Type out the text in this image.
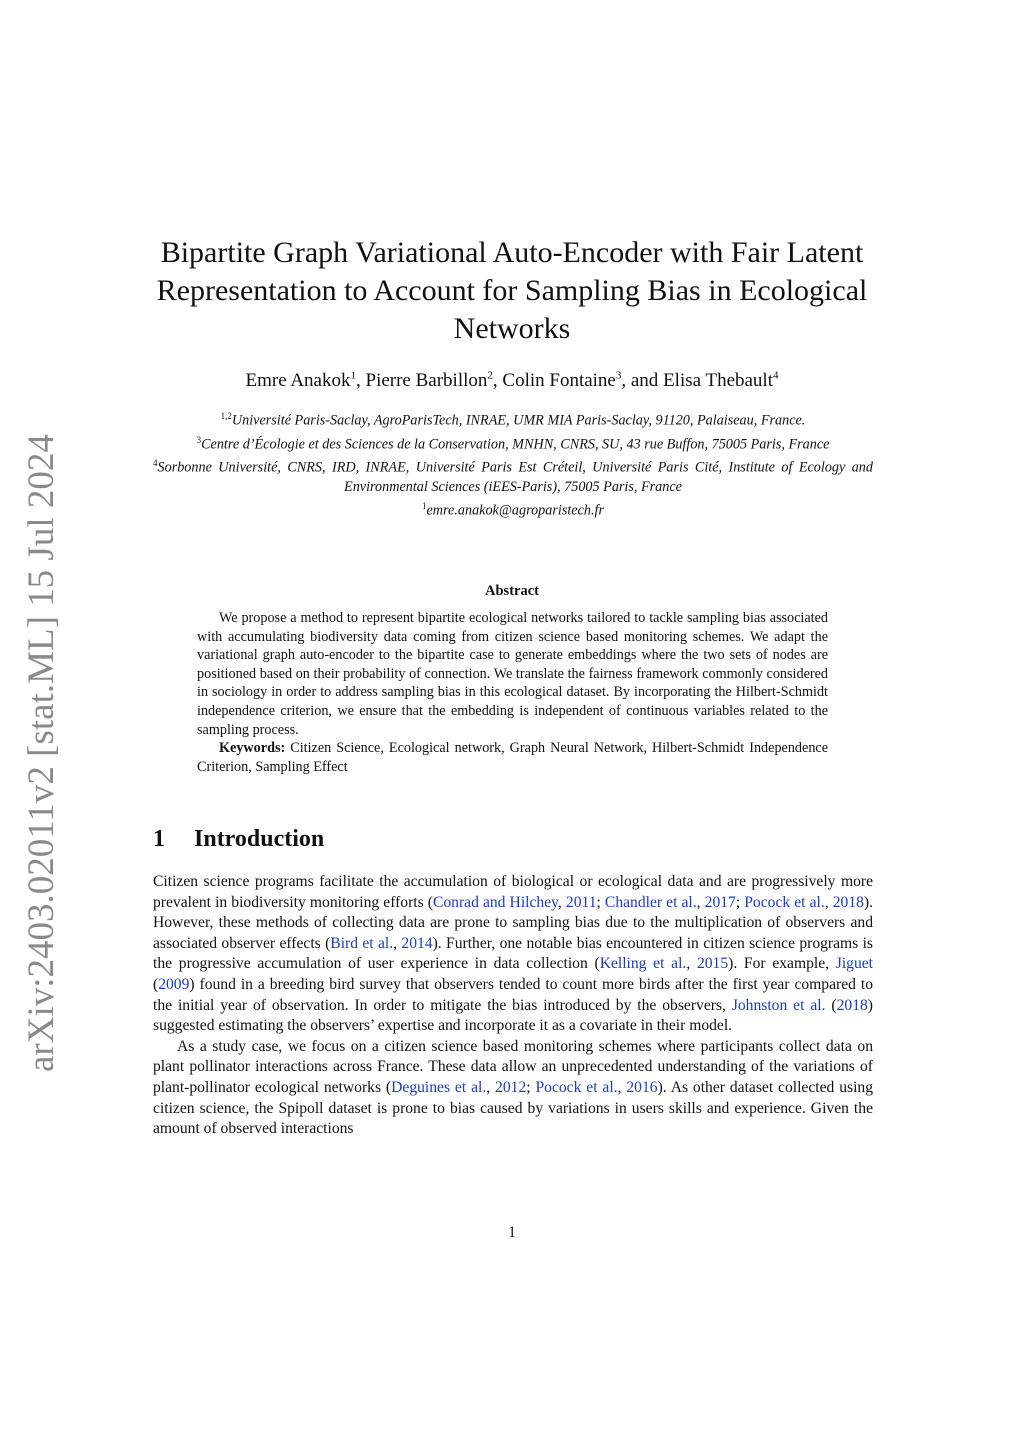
arXiv:2403.02011v2 [stat.ML] 15 Jul 2024
Bipartite Graph Variational Auto-Encoder with Fair Latent Representation to Account for Sampling Bias in Ecological Networks
Emre Anakok$^1$, Pierre Barbillon$^2$, Colin Fontaine$^3$, and Elisa Thebault$^4$
$^{1,2}$Université Paris-Saclay, AgroParisTech, INRAE, UMR MIA Paris-Saclay, 91120, Palaiseau, France.
$^3$Centre d’Écologie et des Sciences de la Conservation, MNHN, CNRS, SU, 43 rue Buffon, 75005 Paris, France
$^4$Sorbonne Université, CNRS, IRD, INRAE, Université Paris Est Créteil, Université Paris Cité, Institute of Ecology and Environmental Sciences (iEES-Paris), 75005 Paris, France
$^1$emre.anakok@agroparistech.fr
Abstract

We propose a method to represent bipartite ecological networks tailored to tackle sampling bias associated with accumulating biodiversity data coming from citizen science based monitoring schemes. We adapt the variational graph auto-encoder to the bipartite case to generate embeddings where the two sets of nodes are positioned based on their probability of connection. We translate the fairness framework commonly considered in sociology in order to address sampling bias in this ecological dataset. By incorporating the Hilbert-Schmidt independence criterion, we ensure that the embedding is independent of continuous variables related to the sampling process.

Keywords: Citizen Science, Ecological network, Graph Neural Network, Hilbert-Schmidt Independence Criterion, Sampling Effect

1 Introduction

Citizen science programs facilitate the accumulation of biological or ecological data and are progressively more prevalent in biodiversity monitoring efforts (Conrad and Hilchey, 2011; Chandler et al., 2017; Pocock et al., 2018). However, these methods of collecting data are prone to sampling bias due to the multiplication of observers and associated observer effects (Bird et al., 2014). Further, one notable bias encountered in citizen science programs is the progressive accumulation of user experience in data collection (Kelling et al., 2015). For example, Jiguet (2009) found in a breeding bird survey that observers tended to count more birds after the first year compared to the initial year of observation. In order to mitigate the bias introduced by the observers, Johnston et al. (2018) suggested estimating the observers’ expertise and incorporate it as a covariate in their model.

As a study case, we focus on a citizen science based monitoring schemes where participants collect data on plant pollinator interactions across France. These data allow an unprecedented understanding of the variations of plant-pollinator ecological networks (Deguines et al., 2012; Pocock et al., 2016). As other dataset collected using citizen science, the Spipoll dataset is prone to bias caused by variations in users skills and experience. Given the amount of observed interactions

1
